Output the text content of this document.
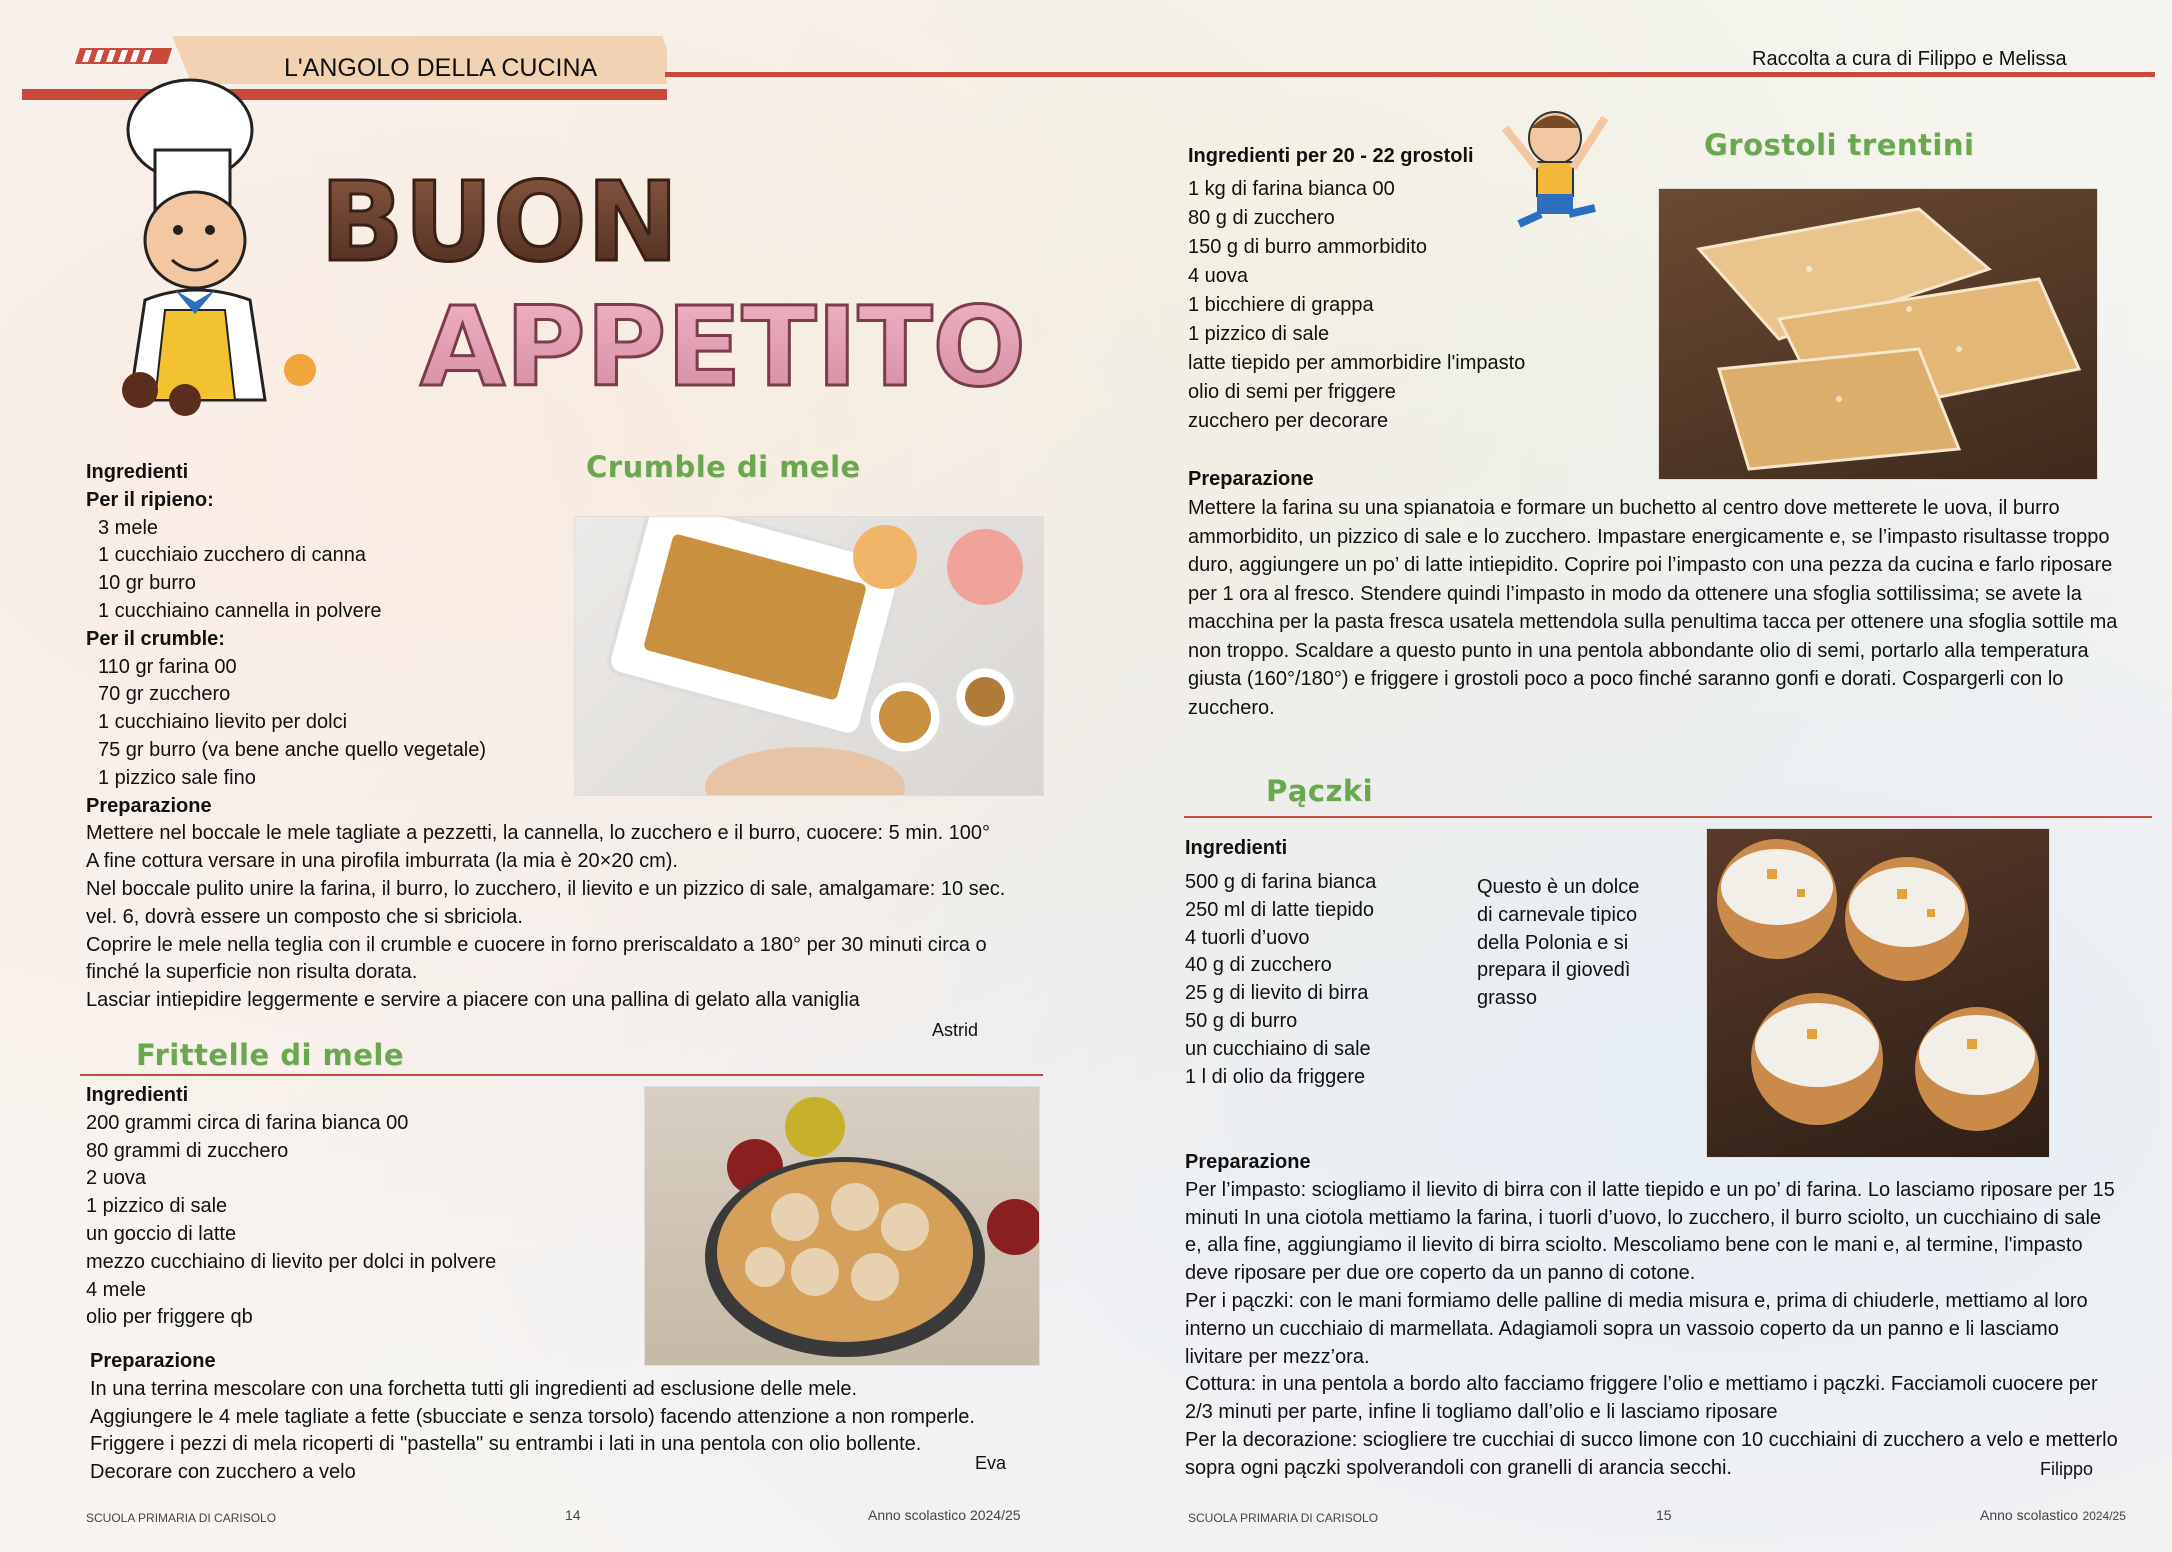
L'ANGOLO DELLA CUCINA	Raccolta a cura di Filippo e Melissa
BUON
APPETITO
Crumble di mele
Ingredienti
Per il ripieno:
3 mele
1 cucchiaio zucchero di canna
10 gr burro
1 cucchiaino cannella in polvere
Per il crumble:
110 gr farina 00
70 gr zucchero
1 cucchiaino lievito per dolci
75 gr burro (va bene anche quello vegetale)
1 pizzico sale fino
Preparazione
Mettere nel boccale le mele tagliate a pezzetti, la cannella, lo zucchero e il burro, cuocere: 5 min. 100°
A fine cottura versare in una pirofila imburrata (la mia è 20×20 cm).
Nel boccale pulito unire la farina, il burro, lo zucchero, il lievito e un pizzico di sale, amalgamare: 10 sec.
vel. 6, dovrà essere un composto che si sbriciola.
Coprire le mele nella teglia con il crumble e cuocere in forno preriscaldato a 180° per 30 minuti circa o
finché la superficie non risulta dorata.
Lasciar intiepidire leggermente e servire a piacere con una pallina di gelato alla vaniglia
Astrid
Frittelle di mele
Ingredienti
200 grammi circa di farina bianca 00
80 grammi di zucchero
2 uova
1 pizzico di sale
un goccio di latte
mezzo cucchiaino di lievito per dolci in polvere
4 mele
olio per friggere qb
Preparazione
In una terrina mescolare con una forchetta tutti gli ingredienti ad esclusione delle mele.
Aggiungere le 4 mele tagliate a fette (sbucciate e senza torsolo) facendo attenzione a non romperle.
Friggere i pezzi di mela ricoperti di "pastella" su entrambi i lati in una pentola con olio bollente.
Decorare con zucchero a velo	Eva
Grostoli trentini
Ingredienti per 20 - 22 grostoli
1 kg di farina bianca 00
80 g di zucchero
150 g di burro ammorbidito
4 uova
1 bicchiere di grappa
1 pizzico di sale
latte tiepido per ammorbidire l'impasto
olio di semi per friggere
zucchero per decorare
Preparazione
Mettere la farina su una spianatoia e formare un buchetto al centro dove metterete le uova, il burro
ammorbidito, un pizzico di sale e lo zucchero. Impastare energicamente e, se l’impasto risultasse troppo
duro, aggiungere un po’ di latte intiepidito. Coprire poi l’impasto con una pezza da cucina e farlo riposare
per 1 ora al fresco. Stendere quindi l’impasto in modo da ottenere una sfoglia sottilissima; se avete la
macchina per la pasta fresca usatela mettendola sulla penultima tacca per ottenere una sfoglia sottile ma
non troppo. Scaldare a questo punto in una pentola abbondante olio di semi, portarlo alla temperatura
giusta (160°/180°) e friggere i grostoli poco a poco finché saranno gonfi e dorati. Cospargerli con lo
zucchero.
Pączki
Ingredienti
500 g di farina bianca
250 ml di latte tiepido
4 tuorli d’uovo
40 g di zucchero
25 g di lievito di birra
50 g di burro
un cucchiaino di sale
1 l di olio da friggere
Questo è un dolce
di carnevale tipico
della Polonia e si
prepara il giovedì
grasso
Preparazione
Per l’impasto: sciogliamo il lievito di birra con il latte tiepido e un po’ di farina. Lo lasciamo riposare per 15
minuti In una ciotola mettiamo la farina, i tuorli d’uovo, lo zucchero, il burro sciolto, un cucchiaino di sale
e, alla fine, aggiungiamo il lievito di birra sciolto. Mescoliamo bene con le mani e, al termine, l'impasto
deve riposare per due ore coperto da un panno di cotone.
Per i pączki: con le mani formiamo delle palline di media misura e, prima di chiuderle, mettiamo al loro
interno un cucchiaio di marmellata. Adagiamoli sopra un vassoio coperto da un panno e li lasciamo
livitare per mezz’ora.
Cottura: in una pentola a bordo alto facciamo friggere l’olio e mettiamo i pączki. Facciamoli cuocere per
2/3 minuti per parte, infine li togliamo dall’olio e li lasciamo riposare
Per la decorazione: sciogliere tre cucchiai di succo limone con 10 cucchiaini di zucchero a velo e metterlo
sopra ogni pączki spolverandoli con granelli di arancia secchi.	Filippo
SCUOLA PRIMARIA DI CARISOLO	14	Anno scolastico 2024/25	SCUOLA PRIMARIA DI CARISOLO	15	Anno scolastico 2024/25
